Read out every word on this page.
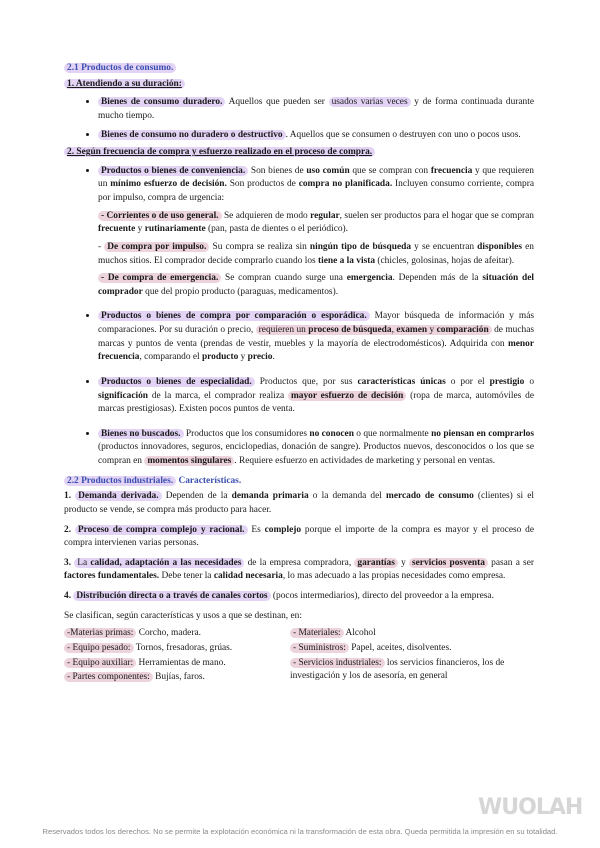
2.1 Productos de consumo.
1. Atendiendo a su duración:
• Bienes de consumo duradero. Aquellos que pueden ser usados varias veces y de forma continuada durante mucho tiempo.
• Bienes de consumo no duradero o destructivo . Aquellos que se consumen o destruyen con uno o pocos usos.
2. Según frecuencia de compra y esfuerzo realizado en el proceso de compra.
• Productos o bienes de conveniencia. Son bienes de uso común que se compran con frecuencia y que requieren un mínimo esfuerzo de decisión. Son productos de compra no planificada. Incluyen consumo corriente, compra por impulso, compra de urgencia:

- Corrientes o de uso general. Se adquieren de modo regular, suelen ser productos para el hogar que se compran frecuente y rutinariamente (pan, pasta de dientes o el periódico).

- De compra por impulso. Su compra se realiza sin ningún tipo de búsqueda y se encuentran disponibles en muchos sitios. El comprador decide comprarlo cuando los tiene a la vista (chicles, golosinas, hojas de afeitar).

- De compra de emergencia. Se compran cuando surge una emergencia. Dependen más de la situación del comprador que del propio producto (paraguas, medicamentos).

• Productos o bienes de compra por comparación o esporádica. Mayor búsqueda de información y más comparaciones. Por su duración o precio, requieren un proceso de búsqueda, examen y comparación de muchas marcas y puntos de venta (prendas de vestir, muebles y la mayoría de electrodomésticos). Adquirida con menor frecuencia, comparando el producto y precio.
• Productos o bienes de especialidad. Productos que, por sus características únicas o por el prestigio o significación de la marca, el comprador realiza mayor esfuerzo de decisión (ropa de marca, automóviles de marcas prestigiosas). Existen pocos puntos de venta.
• Bienes no buscados. Productos que los consumidores no conocen o que normalmente no piensan en comprarlos (productos innovadores, seguros, enciclopedias, donación de sangre). Productos nuevos, desconocidos o los que se compran en momentos singulares . Requiere esfuerzo en actividades de marketing y personal en ventas.
2.2 Productos industriales. Características.

1. Demanda derivada. Dependen de la demanda primaria o la demanda del mercado de consumo (clientes) si el producto se vende, se compra más producto para hacer.

2. Proceso de compra complejo y racional. Es complejo porque el importe de la compra es mayor y el proceso de compra intervienen varias personas.

3. La calidad, adaptación a las necesidades de la empresa compradora, garantías y servicios posventa pasan a ser factores fundamentales. Debe tener la calidad necesaria, lo mas adecuado a las propias necesidades como empresa.

4. Distribución directa o a través de canales cortos (pocos intermediarios), directo del proveedor a la empresa.

Se clasifican, según características y usos a que se destinan, en:

-Materias primas: Corcho, madera.
- Equipo pesado: Tornos, fresadoras, grúas.
- Equipo auxiliar: Herramientas de mano.
- Partes componentes: Bujías, faros.
- Materiales: Alcohol
- Suministros: Papel, aceites, disolventes.
- Servicios industriales: los servicios financieros, los de investigación y los de asesoría, en general
WUOLAH
Reservados todos los derechos. No se permite la explotación económica ni la transformación de esta obra. Queda permitida la impresión en su totalidad.
